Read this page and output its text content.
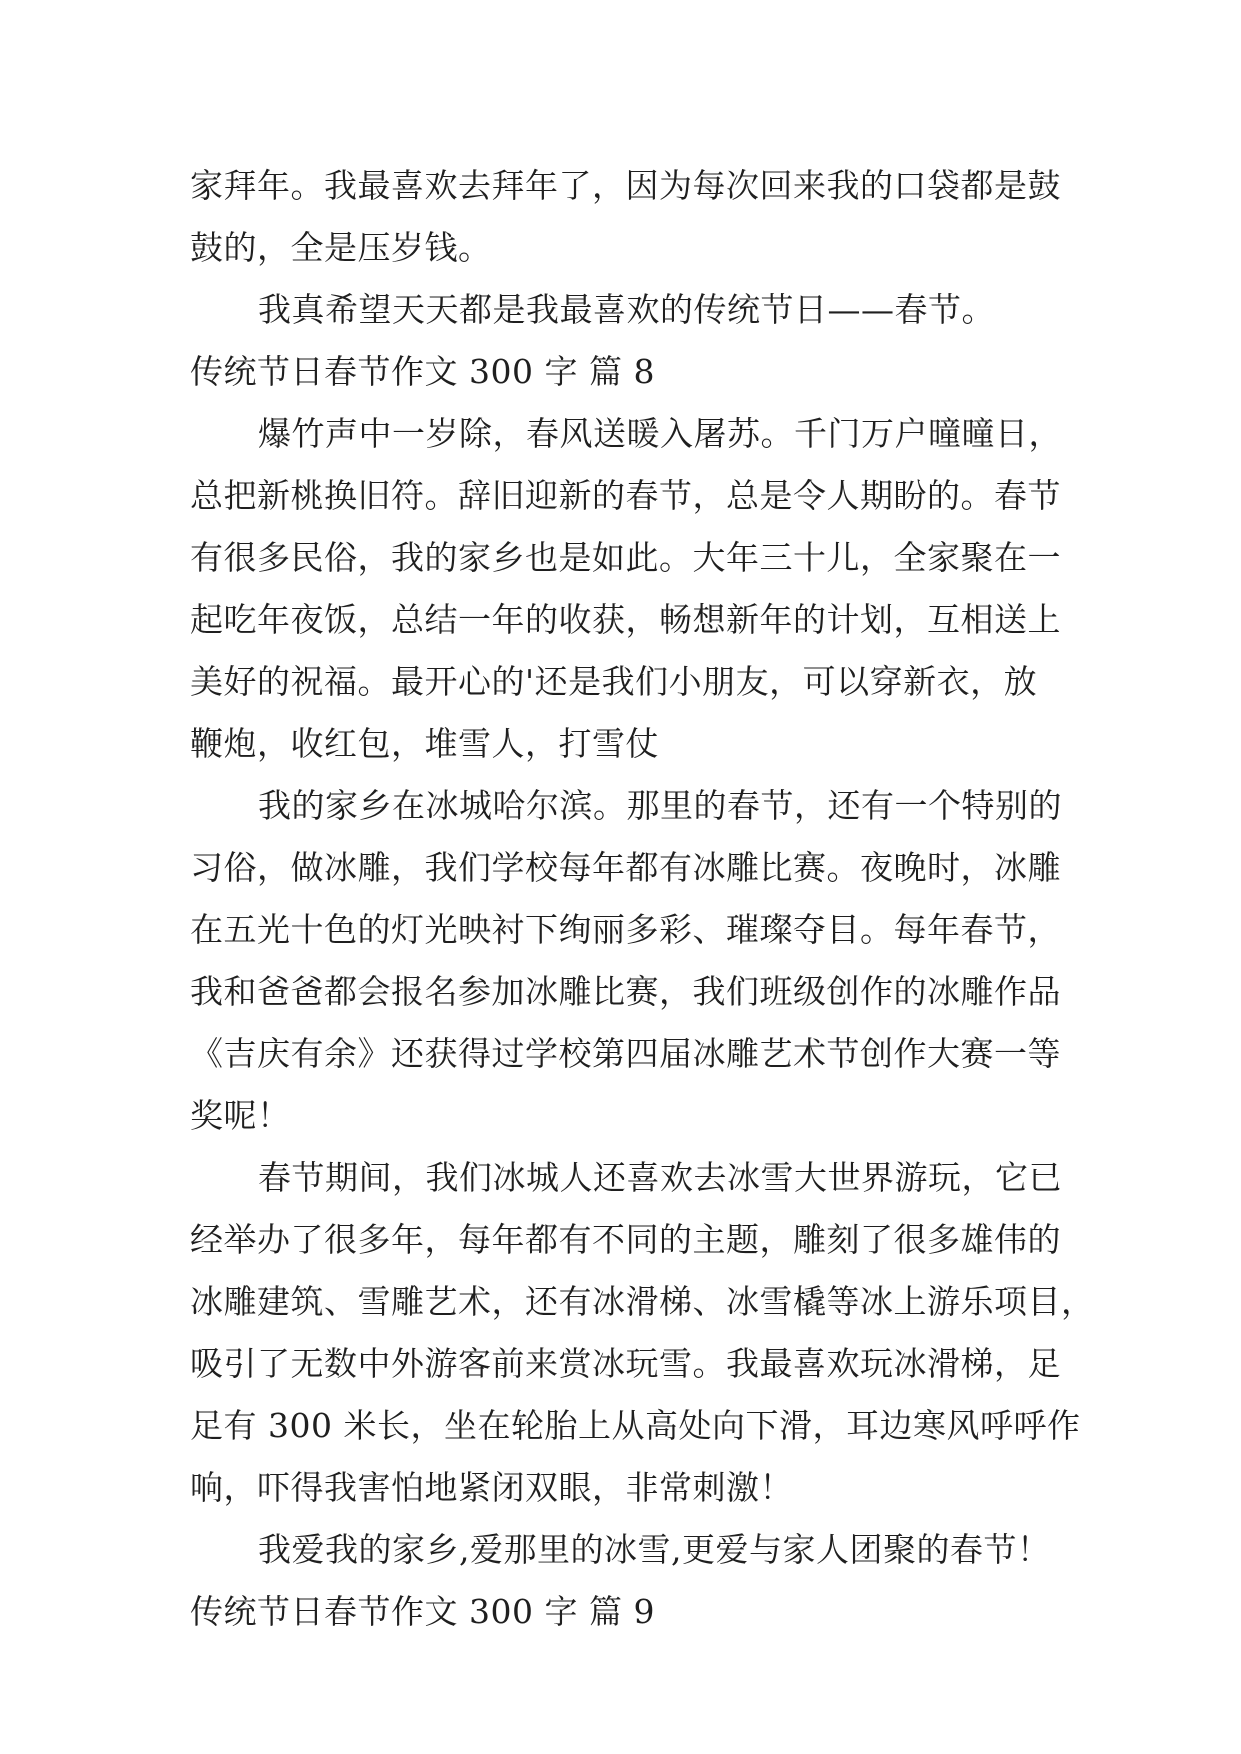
家拜年。我最喜欢去拜年了，因为每次回来我的口袋都是鼓
鼓的，全是压岁钱。
我真希望天天都是我最喜欢的传统节日——春节。
传统节日春节作文 300 字 篇 8
爆竹声中一岁除，春风送暖入屠苏。千门万户曈曈日，
总把新桃换旧符。辞旧迎新的春节，总是令人期盼的。春节
有很多民俗，我的家乡也是如此。大年三十儿，全家聚在一
起吃年夜饭，总结一年的收获，畅想新年的计划，互相送上
美好的祝福。最开心的'还是我们小朋友，可以穿新衣，放
鞭炮，收红包，堆雪人，打雪仗
我的家乡在冰城哈尔滨。那里的春节，还有一个特别的
习俗，做冰雕，我们学校每年都有冰雕比赛。夜晚时，冰雕
在五光十色的灯光映衬下绚丽多彩、璀璨夺目。每年春节，
我和爸爸都会报名参加冰雕比赛，我们班级创作的冰雕作品
《吉庆有余》还获得过学校第四届冰雕艺术节创作大赛一等
奖呢！
春节期间，我们冰城人还喜欢去冰雪大世界游玩，它已
经举办了很多年，每年都有不同的主题，雕刻了很多雄伟的
冰雕建筑、雪雕艺术，还有冰滑梯、冰雪橇等冰上游乐项目，
吸引了无数中外游客前来赏冰玩雪。我最喜欢玩冰滑梯，足
足有 300 米长，坐在轮胎上从高处向下滑，耳边寒风呼呼作
响，吓得我害怕地紧闭双眼，非常刺激！
我爱我的家乡,爱那里的冰雪,更爱与家人团聚的春节！
传统节日春节作文 300 字 篇 9
